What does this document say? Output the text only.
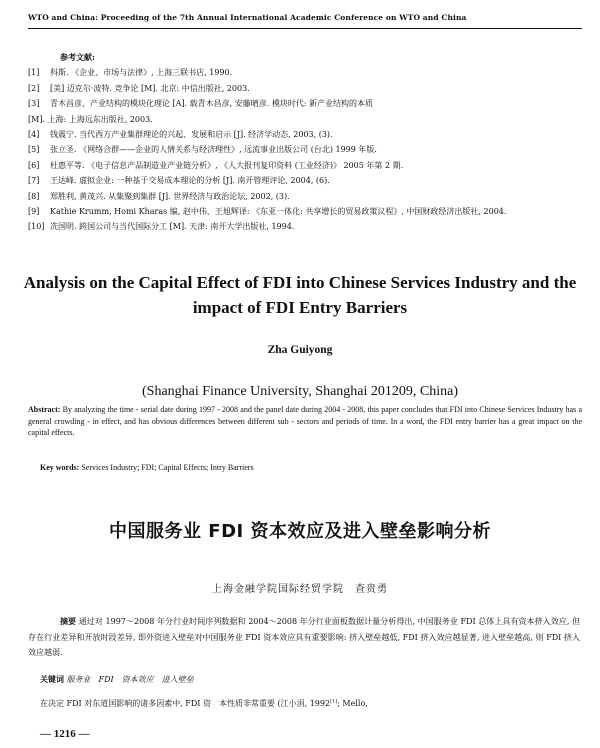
WTO and China: Proceeding of the 7th Annual International Academic Conference on WTO and China
参考文献:
[1] 科斯. 《企业、市场与法律》, 上海三联书店, 1990.
[2] [美] 迈克尔·波特. 竞争论 [M]. 北京: 中信出版社, 2003.
[3] 青木昌彦、产业结构的模块化理论 [A]. 载青木昌彦, 安藤晴彦. 模块时代: 新产业结构的本质
[M]. 上海: 上海远东出版社, 2003.
[4] 钱震宁. 当代西方产业集群理论的兴起、发展和启示 [J]. 经济学动态, 2003, (3).
[5] 张立圣. 《网络合群——企业的人情关系与经济理性》, 远流事业出版公司 (台北) 1999 年版.
[6] 杜惠平等. 《电子信息产品制造业产业链分析》, 《人大报刊复印资料 (工业经济)》 2005 年第 2 期.
[7] 王达峰. 虚拟企业: 一种基于交易成本理论的分析 [J]. 南开管理评论, 2004, (6).
[8] 郑胜利, 黄茂兴. 从集聚到集群 [J]. 世界经济与政治论坛, 2002, (3).
[9] Kathie Krumm, Homi Kharas 编, 赵中伟、王旭辉译: 《东亚一体化: 共享增长的贸易政策议程》, 中国财政经济出版社, 2004.
[10] 冼国明. 跨国公司与当代国际分工 [M]. 天津: 南开大学出版社, 1994.
Analysis on the Capital Effect of FDI into Chinese Services Industry and the impact of FDI Entry Barriers
Zha Guiyong
(Shanghai Finance University, Shanghai 201209, China)
Abstract: By analyzing the time - serial date during 1997 - 2008 and the panel date during 2004 - 2008, this paper concludes that FDI into Chinese Services Industry has a general crowding - in effect, and has obvious differences between different sub - sectors and periods of time. In a word, the FDI entry barrier has a great impact on the capital effects.
Key words: Services Industry; FDI; Capital Effects; Intry Barriers
中国服务业 FDI 资本效应及进入壁垒影响分析
上海金融学院国际经贸学院　查贵勇
摘要 通过对 1997～2008 年分行业时间序列数据和 2004～2008 年分行业面板数据计量分析得出, 中国服务业 FDI 总体上具有资本挤入效应, 但存在行业差异和开放时段差异, 即外资进入壁垒对中国服务业 FDI 资本效应具有重要影响: 挤入壁垒越低, FDI 挤入效应越显著, 进入壁垒越高, 则 FDI 挤入效应越弱.
关键词 服务业　FDI　资本效应　进入壁垒
在决定 FDI 对东道国影响的诸多因素中, FDI 资　本性质非常重要 (江小涓, 1992[1]; Mello,
— 1216 —
